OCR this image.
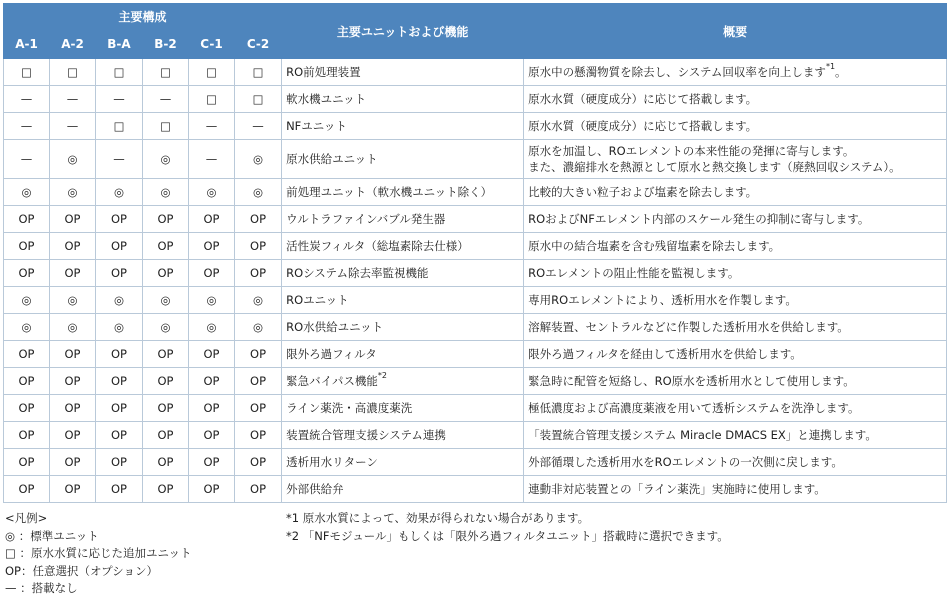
主要構成						主要ユニットおよび機能	概要
A-1	A-2	B-A	B-2	C-1	C-2		
□	□	□	□	□	□	RO前処理装置	原水中の懸濁物質を除去し、システム回収率を向上します$^{*1}$。
—	—	—	—	□	□	軟水機ユニット	原水水質（硬度成分）に応じて搭載します。
—	—	□	□	—	—	NFユニット	原水水質（硬度成分）に応じて搭載します。
—	◎	—	◎	—	◎	原水供給ユニット	原水を加温し、ROエレメントの本来性能の発揮に寄与します。
また、濃縮排水を熱源として原水と熱交換します（廃熱回収システム）。

◎	◎	◎	◎	◎	◎	前処理ユニット（軟水機ユニット除く）	比較的大きい粒子および塩素を除去します。
OP	OP	OP	OP	OP	OP	ウルトラファインバブル発生器	ROおよびNFエレメント内部のスケール発生の抑制に寄与します。
OP	OP	OP	OP	OP	OP	活性炭フィルタ（総塩素除去仕様）	原水中の結合塩素を含む残留塩素を除去します。
OP	OP	OP	OP	OP	OP	ROシステム除去率監視機能	ROエレメントの阻止性能を監視します。
◎	◎	◎	◎	◎	◎	ROユニット	専用ROエレメントにより、透析用水を作製します。
◎	◎	◎	◎	◎	◎	RO水供給ユニット	溶解装置、セントラルなどに作製した透析用水を供給します。
OP	OP	OP	OP	OP	OP	限外ろ過フィルタ	限外ろ過フィルタを経由して透析用水を供給します。
OP	OP	OP	OP	OP	OP	緊急バイパス機能$^{*2}$	緊急時に配管を短絡し、RO原水を透析用水として使用します。
OP	OP	OP	OP	OP	OP	ライン薬洗・高濃度薬洗	極低濃度および高濃度薬液を用いて透析システムを洗浄します。
OP	OP	OP	OP	OP	OP	装置統合管理支援システム連携	「装置統合管理支援システム Miracle DMACS EX」と連携します。
OP	OP	OP	OP	OP	OP	透析用水リターン	外部循環した透析用水をROエレメントの一次側に戻します。
OP	OP	OP	OP	OP	OP	外部供給弁	連動非対応装置との「ライン薬洗」実施時に使用します。
<凡例>
◎ ：標準ユニット
□ ：原水水質に応じた追加ユニット
OP：任意選択（オプション）
— ：搭載なし
*1 原水水質によって、効果が得られない場合があります。
*2 「NFモジュール」もしくは「限外ろ過フィルタユニット」搭載時に選択できます。
